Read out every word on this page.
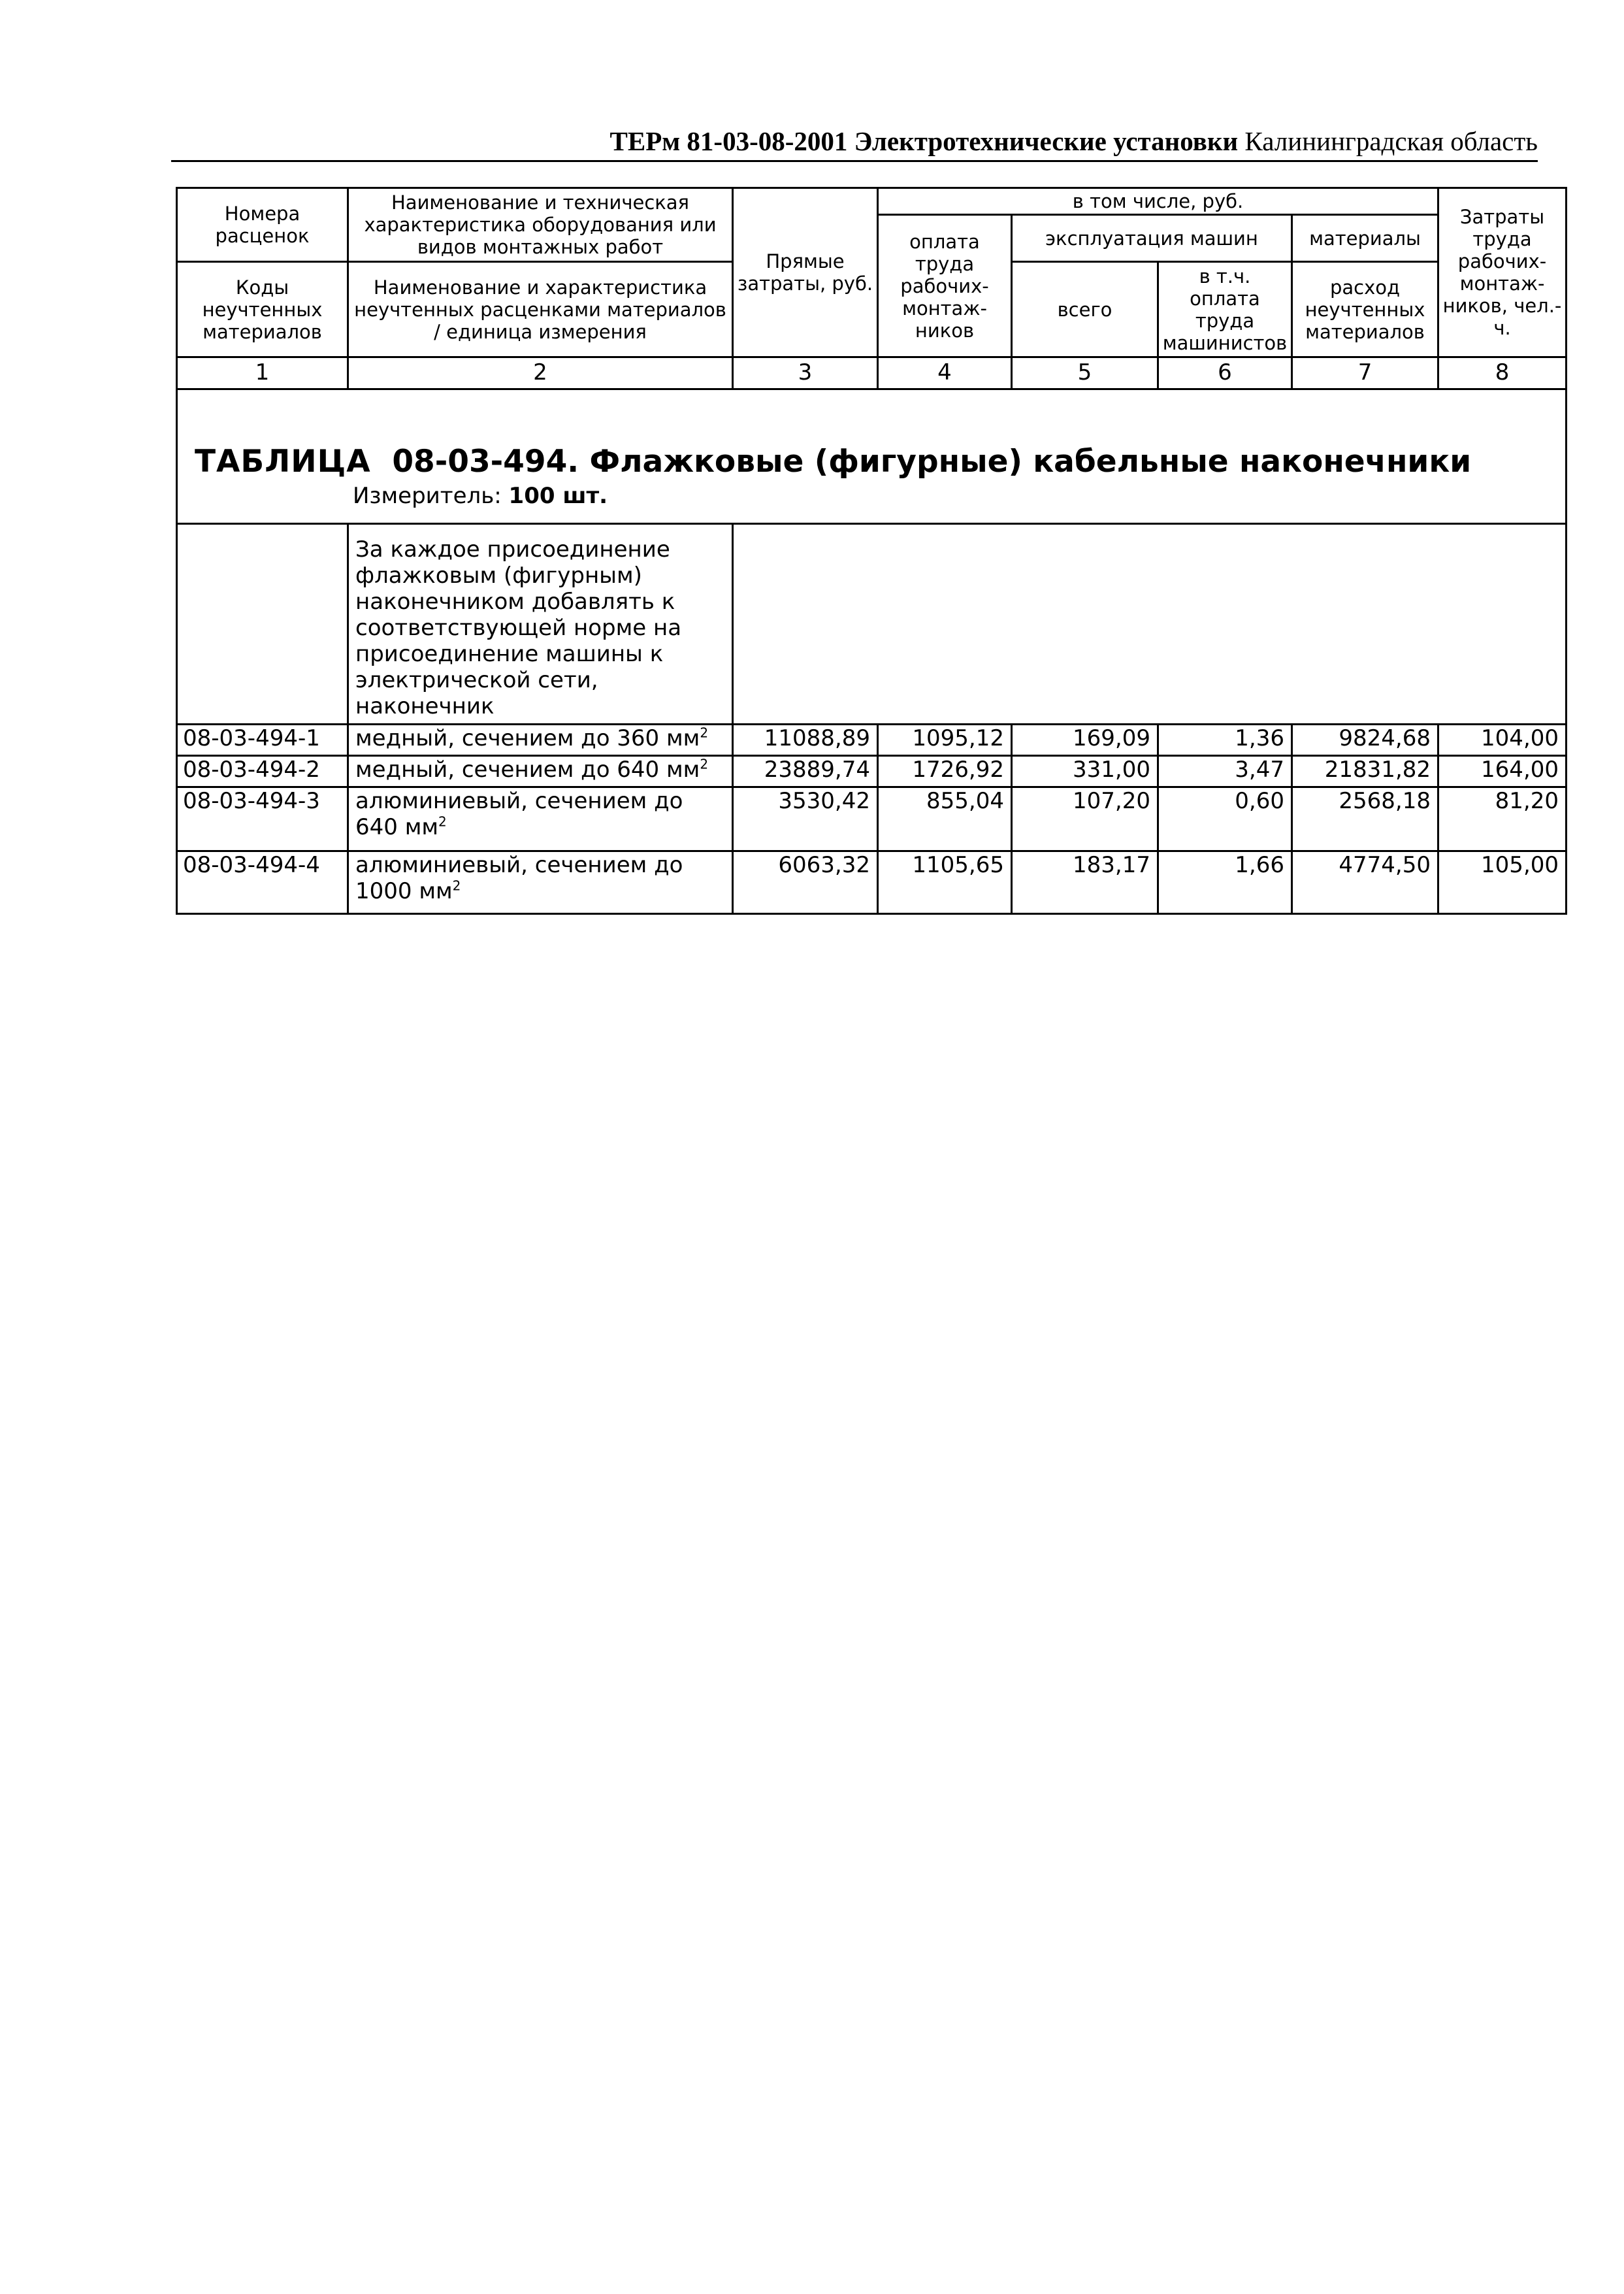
ТЕРм 81-03-08-2001 Электротехнические установки Калининградская область
Номера расценок	Наименование и техническая характеристика оборудования или видов монтажных работ	Прямые затраты, руб.	в том числе, руб.				Затраты труда рабочих-монтаж-ников, чел.-ч.
			оплата труда рабочих-монтаж-ников	эксплуатация машин		материалы	
Коды неучтенных материалов	Наименование и характеристика неучтенных расценками материалов / единица измерения			всего	в т.ч. оплата труда машинистов	расход неучтенных материалов	

1	2	3	4	5	6	7	8

ТАБЛИЦА 08-03-494. Флажковые (фигурные) кабельные наконечники
Измеритель: 100 шт.							

	За каждое присоединение флажковым (фигурным) наконечником добавлять к соответствующей норме на присоединение машины к электрической сети, наконечник						
08-03-494-1	медный, сечением до 360 $мм^2$	11088,89	1095,12	169,09	1,36	9824,68	104,00
08-03-494-2	медный, сечением до 640 $мм^2$	23889,74	1726,92	331,00	3,47	21831,82	164,00
08-03-494-3	алюминиевый, сечением до 640 $мм^2$	3530,42	855,04	107,20	0,60	2568,18	81,20
08-03-494-4	алюминиевый, сечением до 1000 $мм^2$	6063,32	1105,65	183,17	1,66	4774,50	105,00
